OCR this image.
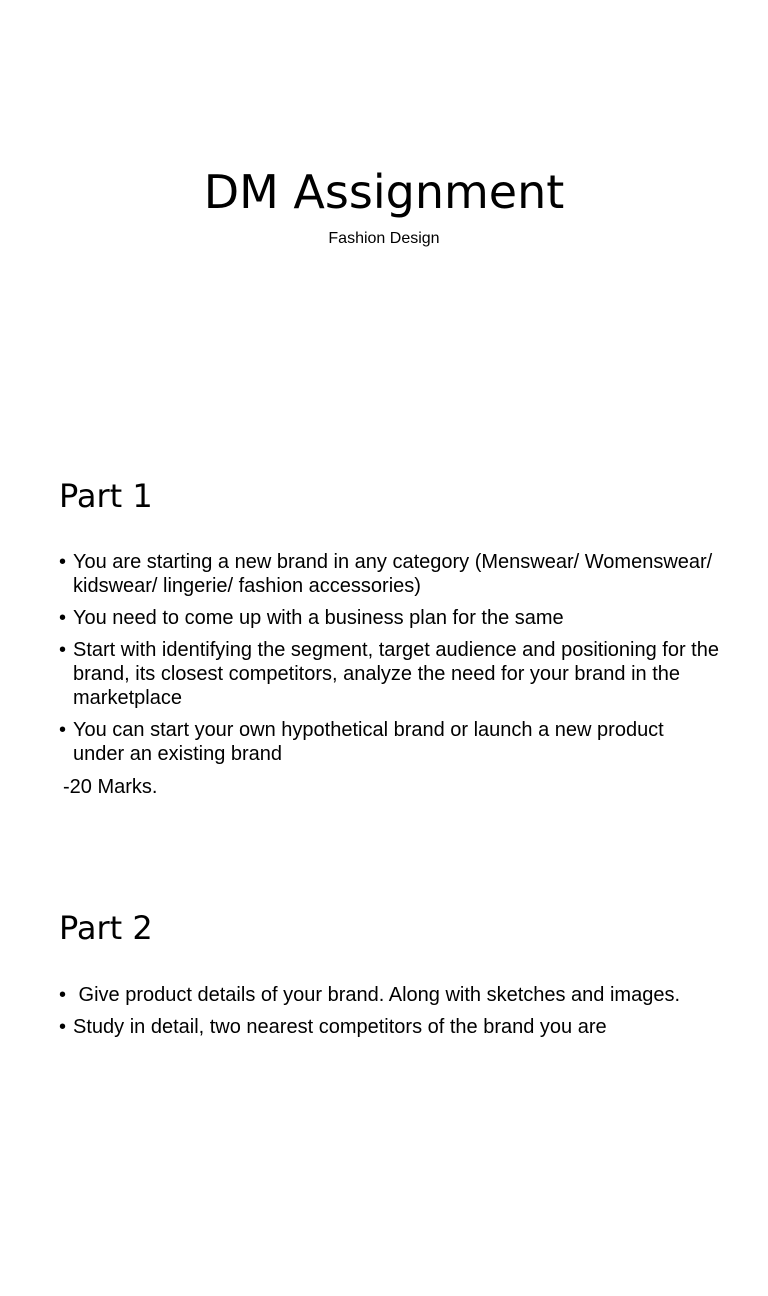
DM Assignment

Fashion Design

Part 1
• You are starting a new brand in any category (Menswear/ Womenswear/ kidswear/ lingerie/ fashion accessories)
• You need to come up with a business plan for the same
• Start with identifying the segment, target audience and positioning for the brand, its closest competitors, analyze the need for your brand in the marketplace
• You can start your own hypothetical brand or launch a new product under an existing brand

-20 Marks.

Part 2
• Give product details of your brand. Along with sketches and images.
• Study in detail, two nearest competitors of the brand you are
